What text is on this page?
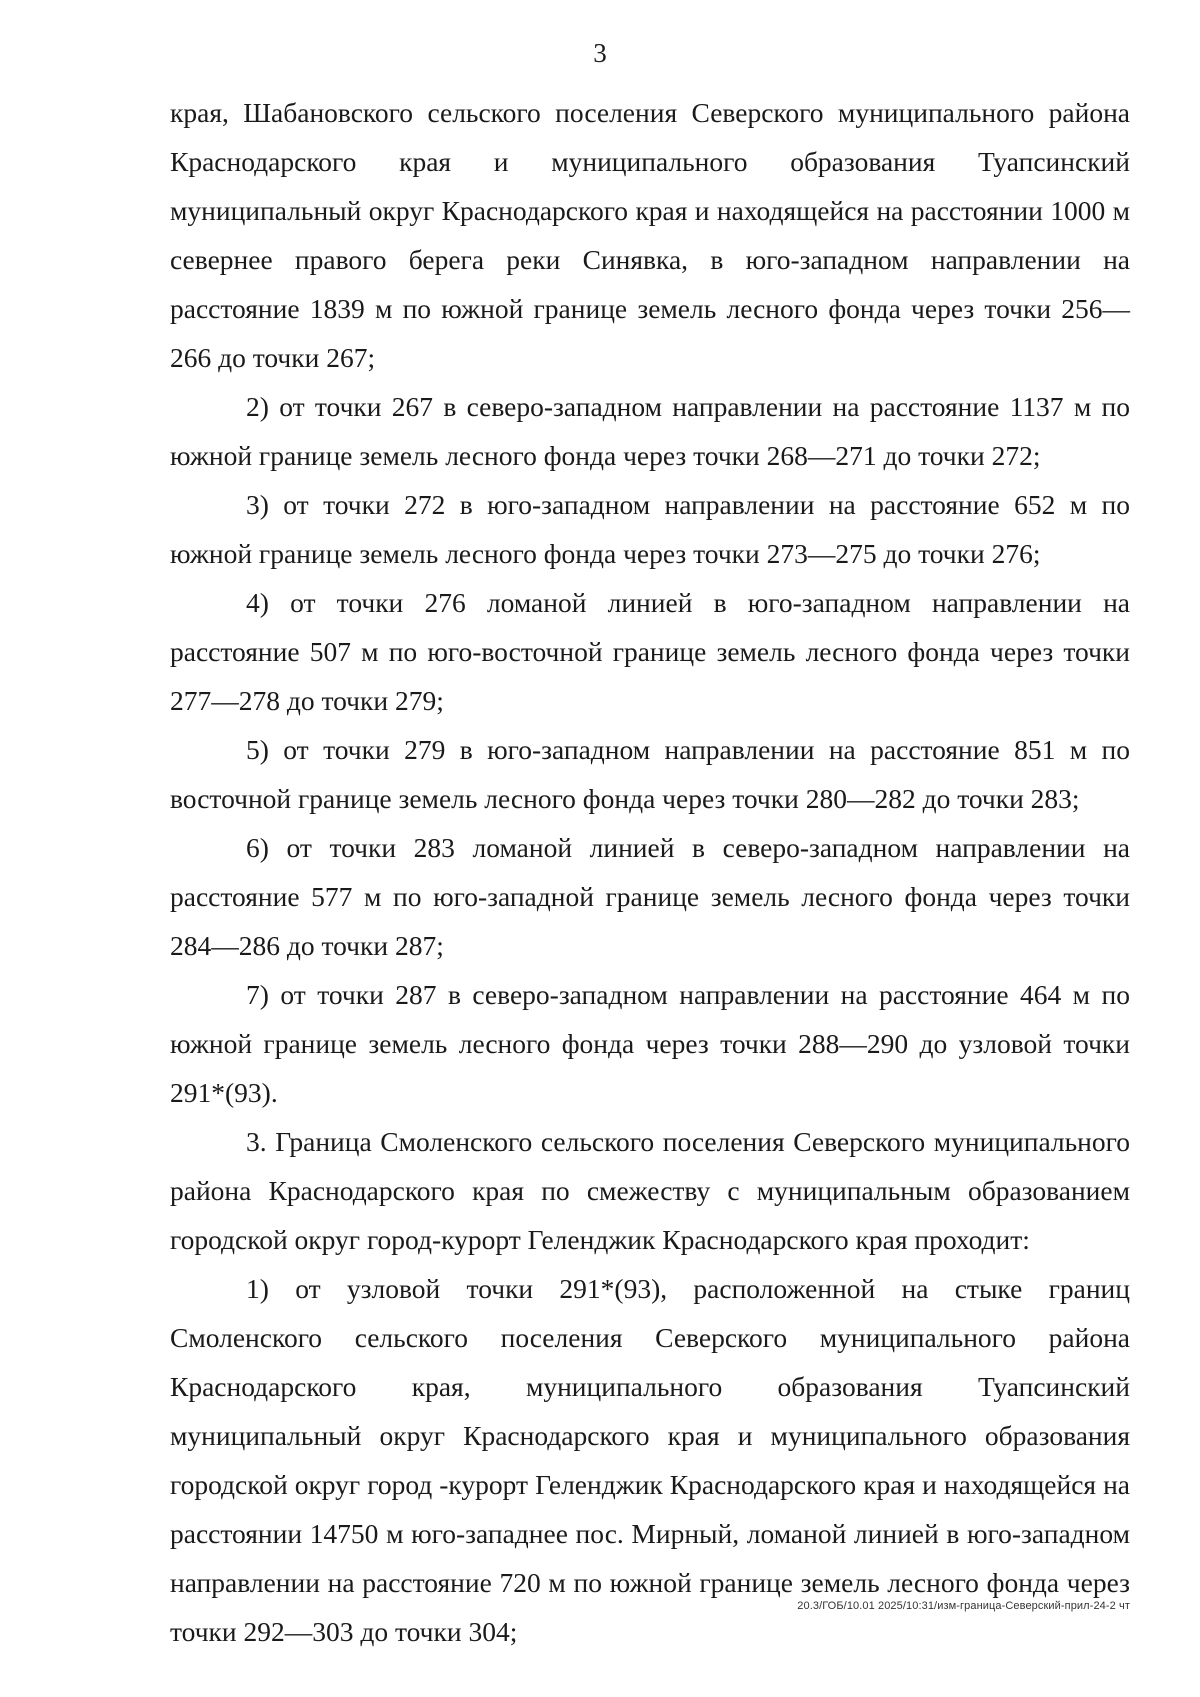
3

края, Шабановского сельского поселения Северского муниципального района Краснодарского края и муниципального образования Туапсинский муниципальный округ Краснодарского края и находящейся на расстоянии 1000 м севернее правого берега реки Синявка, в юго-западном направлении на расстояние 1839 м по южной границе земель лесного фонда через точки 256—266 до точки 267;

2) от точки 267 в северо-западном направлении на расстояние 1137 м по южной границе земель лесного фонда через точки 268—271 до точки 272;

3) от точки 272 в юго-западном направлении на расстояние 652 м по южной границе земель лесного фонда через точки 273—275 до точки 276;

4) от точки 276 ломаной линией в юго-западном направлении на расстояние 507 м по юго-восточной границе земель лесного фонда через точки 277—278 до точки 279;

5) от точки 279 в юго-западном направлении на расстояние 851 м по восточной границе земель лесного фонда через точки 280—282 до точки 283;

6) от точки 283 ломаной линией в северо-западном направлении на расстояние 577 м по юго-западной границе земель лесного фонда через точки 284—286 до точки 287;

7) от точки 287 в северо-западном направлении на расстояние 464 м по южной границе земель лесного фонда через точки 288—290 до узловой точки 291*(93).

3. Граница Смоленского сельского поселения Северского муниципального района Краснодарского края по смежеству с муниципальным образованием городской округ город-курорт Геленджик Краснодарского края проходит:

1) от узловой точки 291*(93), расположенной на стыке границ Смоленского сельского поселения Северского муниципального района Краснодарского края, муниципального образования Туапсинский муниципальный округ Краснодарского края и муниципального образования городской округ город -курорт Геленджик Краснодарского края и находящейся на расстоянии 14750 м юго-западнее пос. Мирный, ломаной линией в юго-западном направлении на расстояние 720 м по южной границе земель лесного фонда через точки 292—303 до точки 304;

20.3/ГОБ/10.01 2025/10:31/изм-граница-Северский-прил-24-2 чт
